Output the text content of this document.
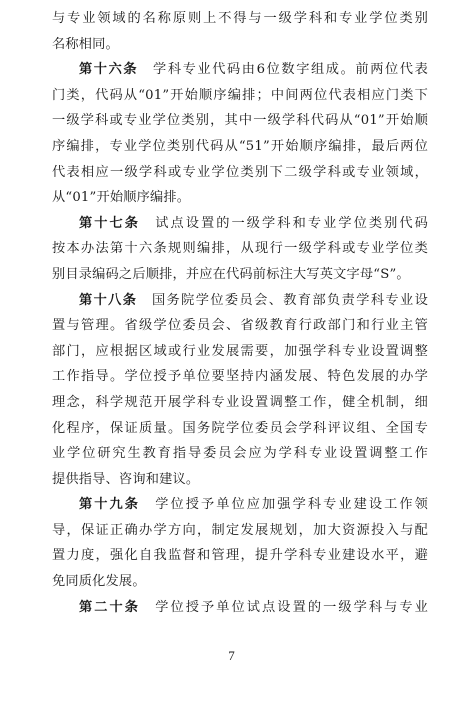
与专业领域的名称原则上不得与一级学科和专业学位类别
名称相同。
第十六条　 学科专业代码由6位数字组成。前两位代表
门类，代码从“01”开始顺序编排；中间两位代表相应门类下
一级学科或专业学位类别，其中一级学科代码从“01”开始顺
序编排，专业学位类别代码从“51”开始顺序编排，最后两位
代表相应一级学科或专业学位类别下二级学科或专业领域，
从“01”开始顺序编排。
第十七条　 试点设置的一级学科和专业学位类别代码
按本办法第十六条规则编排，从现行一级学科或专业学位类
别目录编码之后顺排，并应在代码前标注大写英文字母“S”。
第十八条　 国务院学位委员会、教育部负责学科专业设
置与管理。省级学位委员会、省级教育行政部门和行业主管
部门，应根据区域或行业发展需要，加强学科专业设置调整
工作指导。学位授予单位要坚持内涵发展、特色发展的办学
理念，科学规范开展学科专业设置调整工作，健全机制，细
化程序，保证质量。国务院学位委员会学科评议组、全国专
业学位研究生教育指导委员会应为学科专业设置调整工作
提供指导、咨询和建议。
第十九条　 学位授予单位应加强学科专业建设工作领
导，保证正确办学方向，制定发展规划，加大资源投入与配
置力度，强化自我监督和管理，提升学科专业建设水平，避
免同质化发展。
第二十条　 学位授予单位试点设置的一级学科与专业
7
